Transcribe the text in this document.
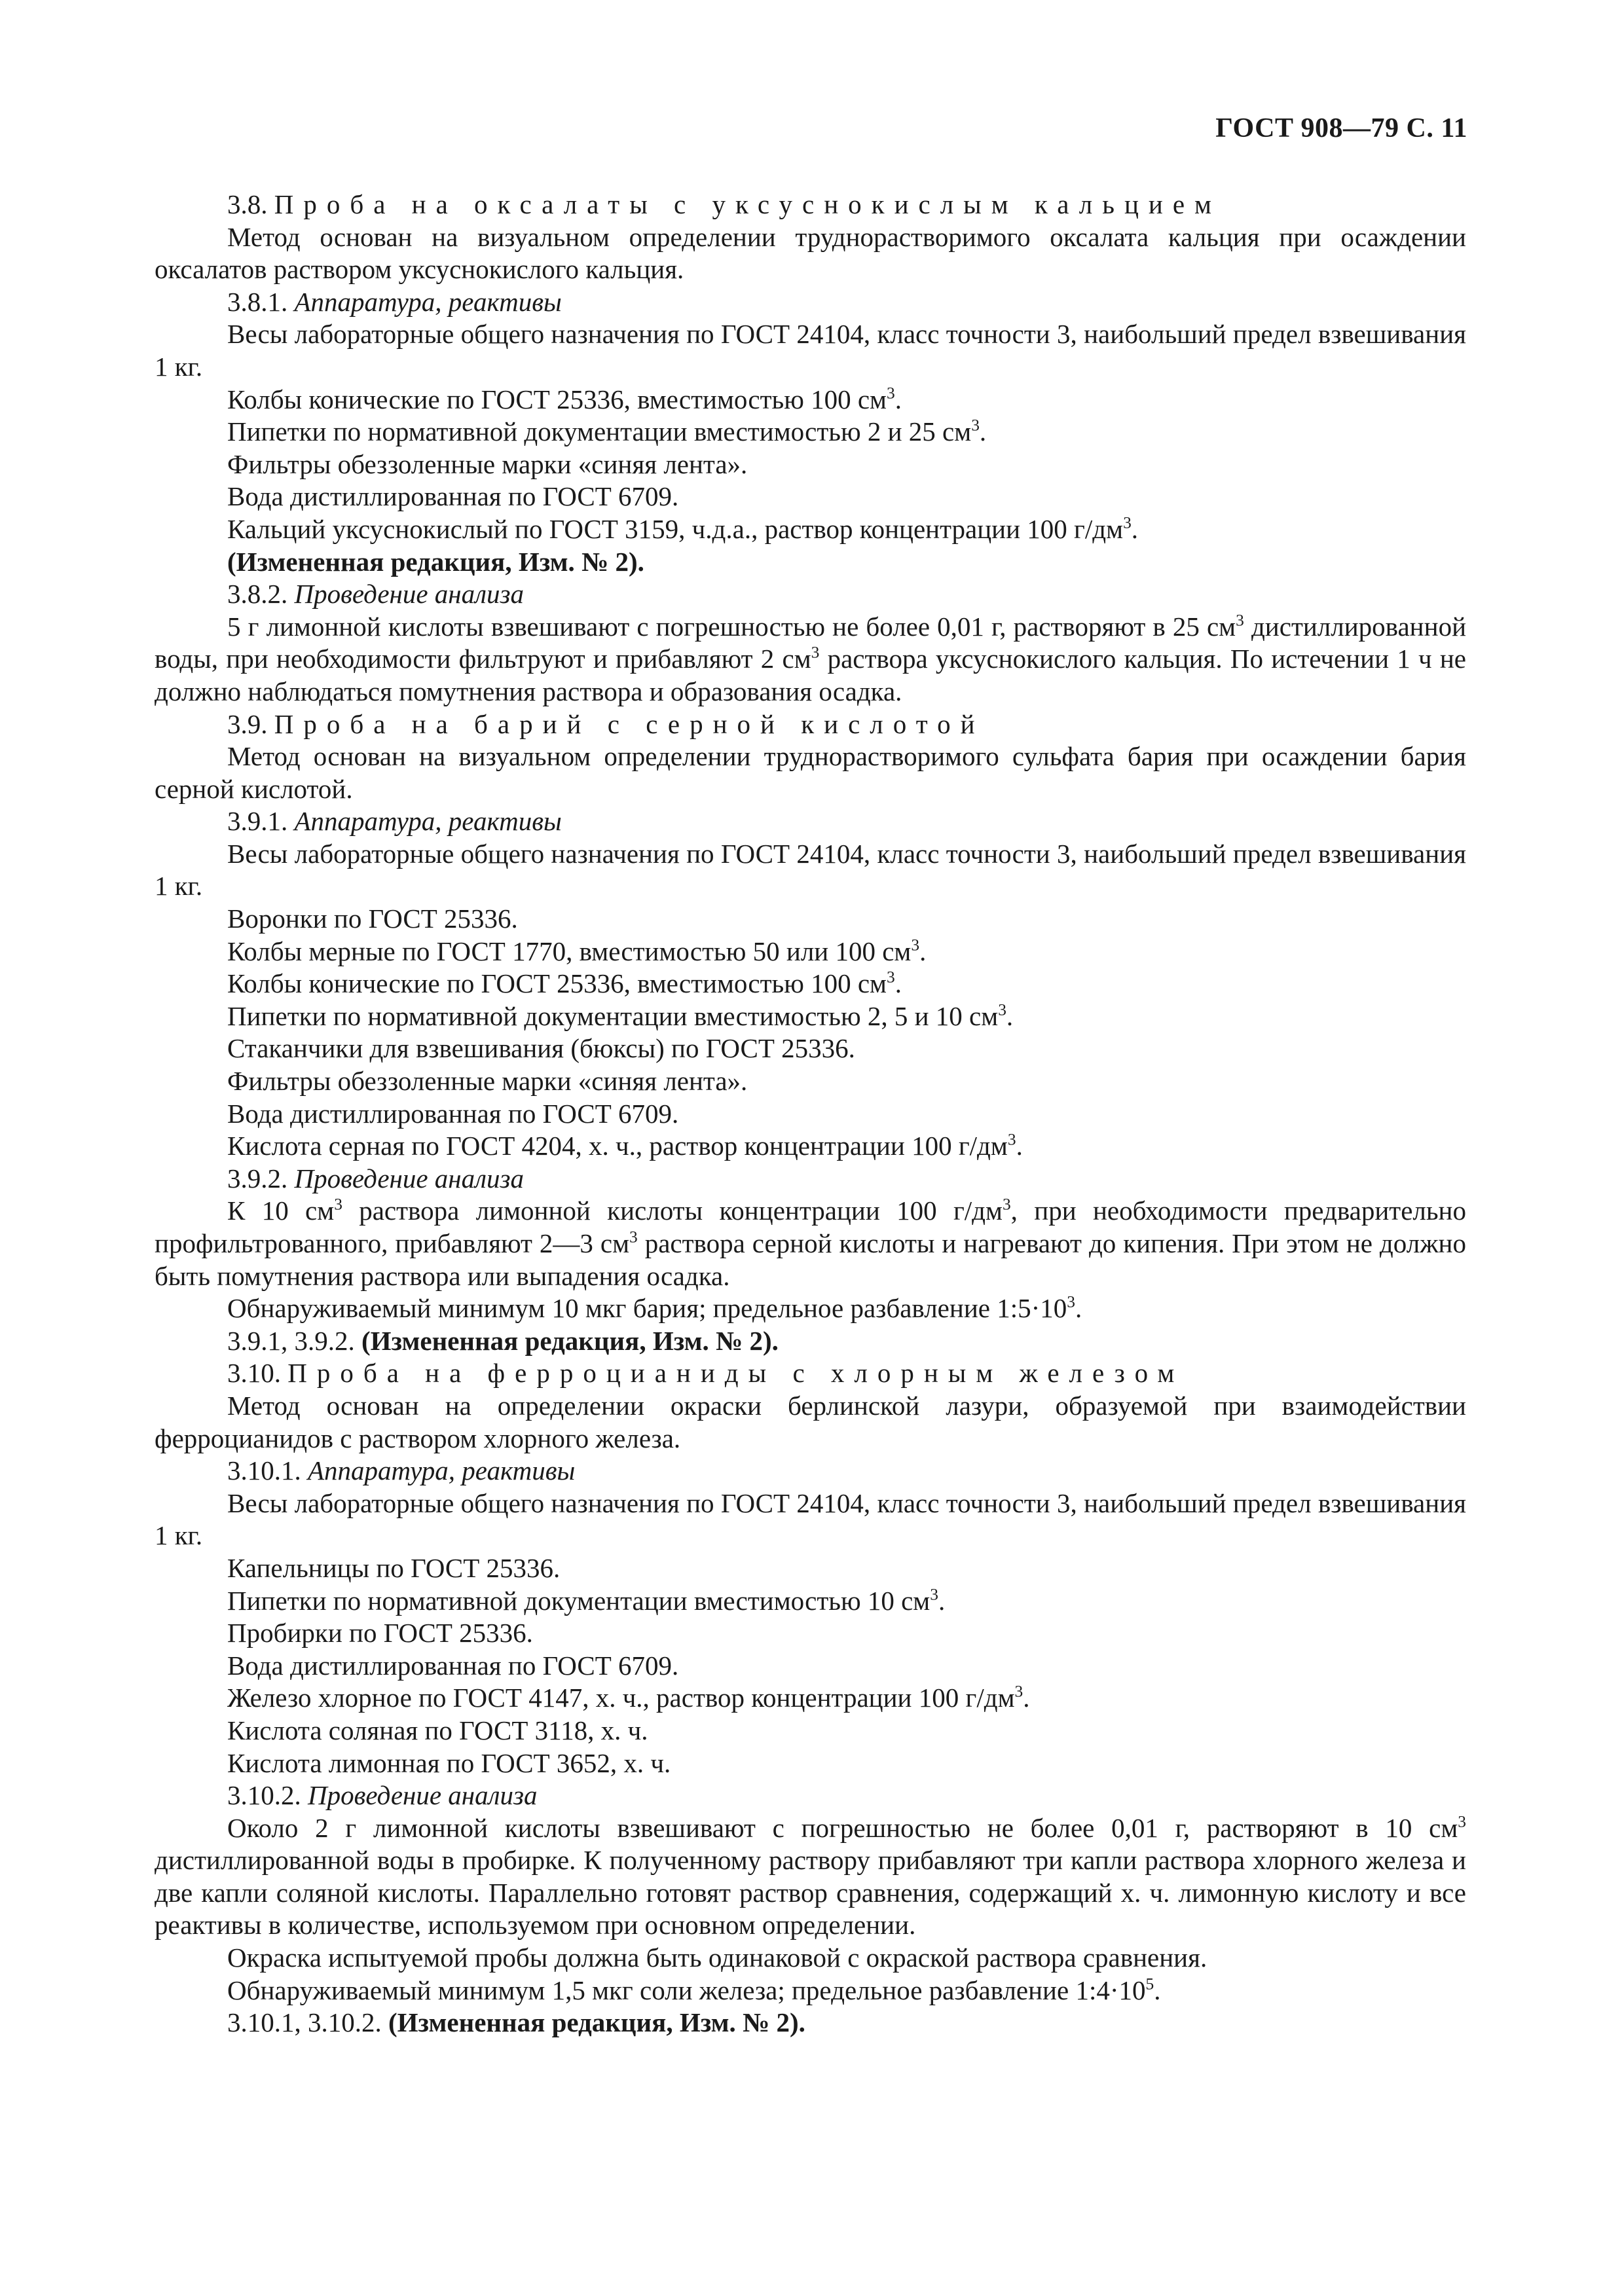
ГОСТ 908—79 С. 11

3.8. Проба на оксалаты с уксуснокислым кальцием

Метод основан на визуальном определении труднорастворимого оксалата кальция при осаждении оксалатов раствором уксуснокислого кальция.

3.8.1. Аппаратура, реактивы

Весы лабораторные общего назначения по ГОСТ 24104, класс точности 3, наибольший предел взвешивания 1 кг.

Колбы конические по ГОСТ 25336, вместимостью 100 $см^3$.

Пипетки по нормативной документации вместимостью 2 и 25 $см^3$.

Фильтры обеззоленные марки «синяя лента».

Вода дистиллированная по ГОСТ 6709.

Кальций уксуснокислый по ГОСТ 3159, ч.д.а., раствор концентрации 100 $г/дм^3$.

(Измененная редакция, Изм. № 2).

3.8.2. Проведение анализа

5 г лимонной кислоты взвешивают с погрешностью не более 0,01 г, растворяют в 25 $см^3$ дистиллированной воды, при необходимости фильтруют и прибавляют 2 $см^3$ раствора уксуснокислого кальция. По истечении 1 ч не должно наблюдаться помутнения раствора и образования осадка.

3.9. Проба на барий с серной кислотой

Метод основан на визуальном определении труднорастворимого сульфата бария при осаждении бария серной кислотой.

3.9.1. Аппаратура, реактивы

Весы лабораторные общего назначения по ГОСТ 24104, класс точности 3, наибольший предел взвешивания 1 кг.

Воронки по ГОСТ 25336.

Колбы мерные по ГОСТ 1770, вместимостью 50 или 100 $см^3$.

Колбы конические по ГОСТ 25336, вместимостью 100 $см^3$.

Пипетки по нормативной документации вместимостью 2, 5 и 10 $см^3$.

Стаканчики для взвешивания (бюксы) по ГОСТ 25336.

Фильтры обеззоленные марки «синяя лента».

Вода дистиллированная по ГОСТ 6709.

Кислота серная по ГОСТ 4204, х. ч., раствор концентрации 100 $г/дм^3$.

3.9.2. Проведение анализа

К 10 $см^3$ раствора лимонной кислоты концентрации 100 $г/дм^3$, при необходимости предварительно профильтрованного, прибавляют 2—3 $см^3$ раствора серной кислоты и нагревают до кипения. При этом не должно быть помутнения раствора или выпадения осадка.

Обнаруживаемый минимум 10 мкг бария; предельное разбавление $1:5\cdot 10^3$.

3.9.1, 3.9.2. (Измененная редакция, Изм. № 2).

3.10. Проба на ферроцианиды с хлорным железом

Метод основан на определении окраски берлинской лазури, образуемой при взаимодействии ферроцианидов с раствором хлорного железа.

3.10.1. Аппаратура, реактивы

Весы лабораторные общего назначения по ГОСТ 24104, класс точности 3, наибольший предел взвешивания 1 кг.

Капельницы по ГОСТ 25336.

Пипетки по нормативной документации вместимостью 10 $см^3$.

Пробирки по ГОСТ 25336.

Вода дистиллированная по ГОСТ 6709.

Железо хлорное по ГОСТ 4147, х. ч., раствор концентрации 100 $г/дм^3$.

Кислота соляная по ГОСТ 3118, х. ч.

Кислота лимонная по ГОСТ 3652, х. ч.

3.10.2. Проведение анализа

Около 2 г лимонной кислоты взвешивают с погрешностью не более 0,01 г, растворяют в 10 $см^3$ дистиллированной воды в пробирке. К полученному раствору прибавляют три капли раствора хлорного железа и две капли соляной кислоты. Параллельно готовят раствор сравнения, содержащий х. ч. лимонную кислоту и все реактивы в количестве, используемом при основном определении.

Окраска испытуемой пробы должна быть одинаковой с окраской раствора сравнения.

Обнаруживаемый минимум 1,5 мкг соли железа; предельное разбавление $1:4\cdot 10^5$.

3.10.1, 3.10.2. (Измененная редакция, Изм. № 2).
